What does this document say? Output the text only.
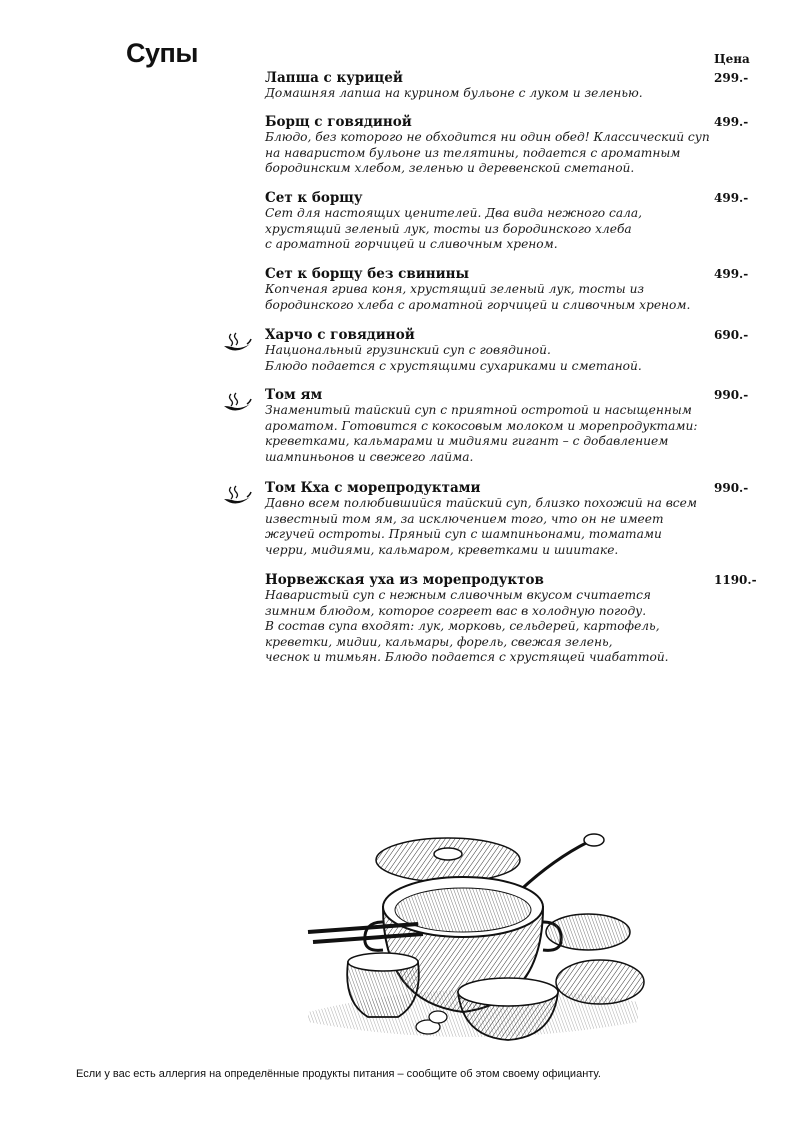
Супы	Цена
Лапша с курицей
Домашняя лапша на курином бульоне с луком и зеленью.
299.-
Борщ с говядиной
Блюдо, без которого не обходится ни один обед! Классический суп
на наваристом бульоне из телятины, подается с ароматным
бородинским хлебом, зеленью и деревенской сметаной.
499.-
Сет к борщу
Сет для настоящих ценителей. Два вида нежного сала,
хрустящий зеленый лук, тосты из бородинского хлеба
с ароматной горчицей и сливочным хреном.
499.-
Сет к борщу без свинины
Копченая грива коня, хрустящий зеленый лук, тосты из
бородинского хлеба с ароматной горчицей и сливочным хреном.
499.-
Харчо с говядиной
Национальный грузинский суп с говядиной.
Блюдо подается с хрустящими сухариками и сметаной.
690.-
Том ям
Знаменитый тайский суп с приятной остротой и насыщенным
ароматом. Готовится с кокосовым молоком и морепродуктами:
креветками, кальмарами и мидиями гигант – с добавлением
шампиньонов и свежего лайма.
990.-
Том Кха с морепродуктами
Давно всем полюбившийся тайский суп, близко похожий на всем
известный том ям, за исключением того, что он не имеет
жгучей остроты. Пряный суп с шампиньонами, томатами
черри, мидиями, кальмаром, креветками и шиитаке.
990.-
Норвежская уха из морепродуктов
Наваристый суп с нежным сливочным вкусом считается
зимним блюдом, которое согреет вас в холодную погоду.
В состав супа входят: лук, морковь, сельдерей, картофель,
креветки, мидии, кальмары, форель, свежая зелень,
чеснок и тимьян. Блюдо подается с хрустящей чиабаттой.
1190.-
Если у вас есть аллергия на определённые продукты питания – сообщите об этом своему официанту.
